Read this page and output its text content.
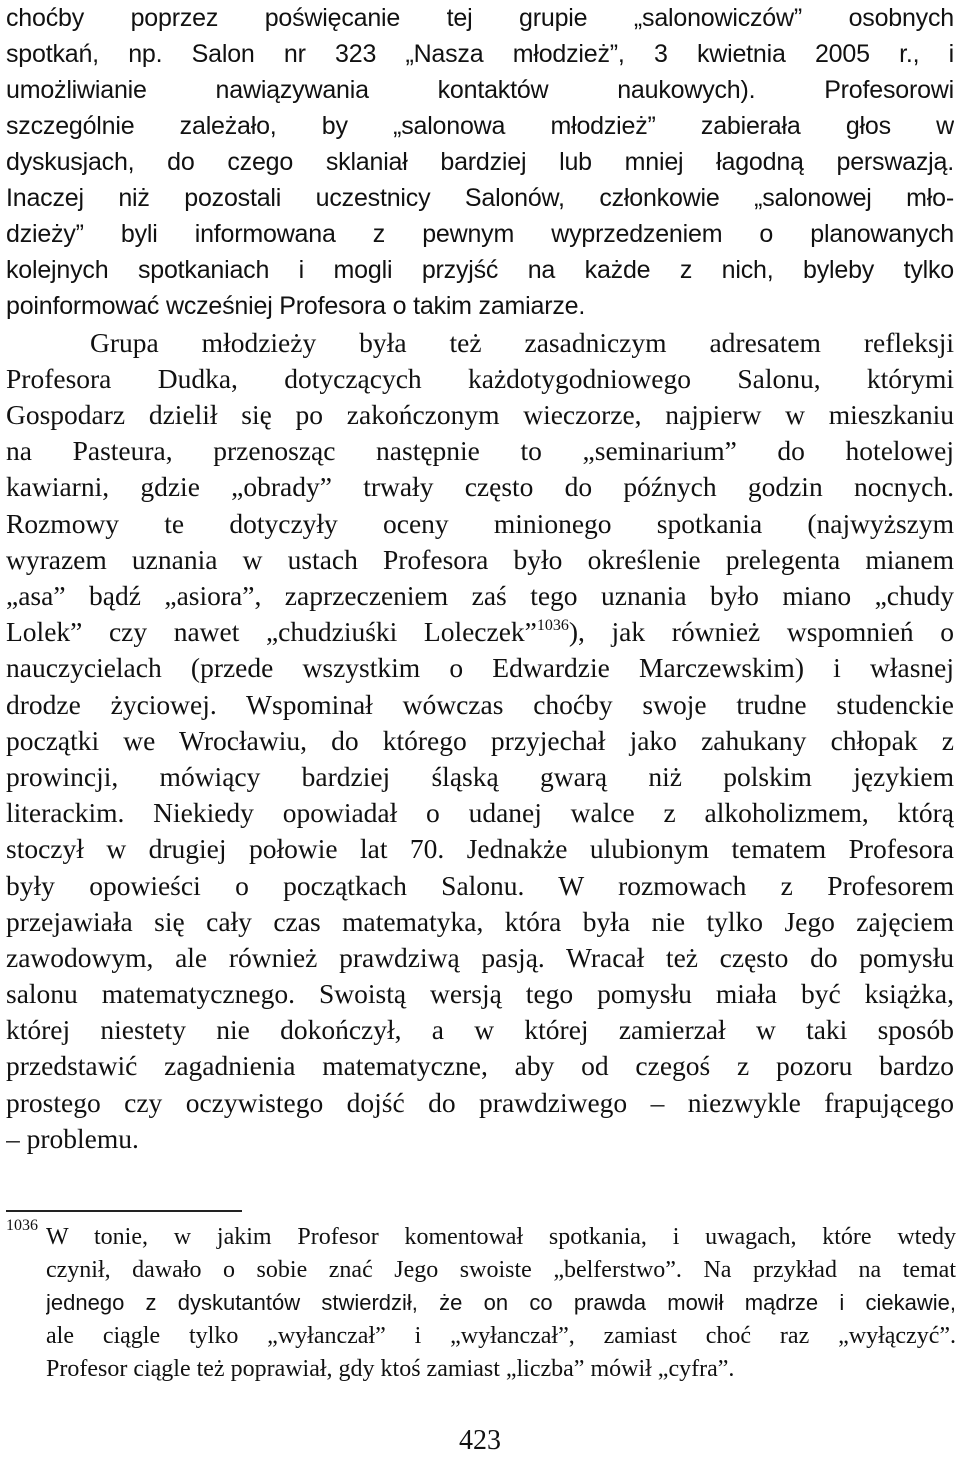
choćby poprzez poświęcanie tej grupie „salonowiczów” osobnych
spotkań, np. Salon nr 323 „Nasza młodzież”, 3 kwietnia 2005 r., i
umożliwianie nawiązywania kontaktów naukowych). Profesorowi
szczególnie zależało, by „salonowa młodzież” zabierała głos w
dyskusjach, do czego sklaniał bardziej lub mniej łagodną perswazją.
Inaczej niż pozostali uczestnicy Salonów, członkowie „salonowej mło-
dzieży” byli informowana z pewnym wyprzedzeniem o planowanych
kolejnych spotkaniach i mogli przyjść na każde z nich, byleby tylko
poinformować wcześniej Profesora o takim zamiarze.
Grupa młodzieży była też zasadniczym adresatem refleksji
Profesora Dudka, dotyczących każdotygodniowego Salonu, którymi
Gospodarz dzielił się po zakończonym wieczorze, najpierw w mieszkaniu
na Pasteura, przenosząc następnie to „seminarium” do hotelowej
kawiarni, gdzie „obrady” trwały często do późnych godzin nocnych.
Rozmowy te dotyczyły oceny minionego spotkania (najwyższym
wyrazem uznania w ustach Profesora było określenie prelegenta mianem
„asa” bądź „asiora”, zaprzeczeniem zaś tego uznania było miano „chudy
Lolek” czy nawet „chudziuśki Loleczek”$^{1036}$), jak również wspomnień o
nauczycielach (przede wszystkim o Edwardzie Marczewskim) i własnej
drodze życiowej. Wspominał wówczas choćby swoje trudne studenckie
początki we Wrocławiu, do którego przyjechał jako zahukany chłopak z
prowincji, mówiący bardziej śląską gwarą niż polskim językiem
literackim. Niekiedy opowiadał o udanej walce z alkoholizmem, którą
stoczył w drugiej połowie lat 70. Jednakże ulubionym tematem Profesora
były opowieści o początkach Salonu. W rozmowach z Profesorem
przejawiała się cały czas matematyka, która była nie tylko Jego zajęciem
zawodowym, ale również prawdziwą pasją. Wracał też często do pomysłu
salonu matematycznego. Swoistą wersją tego pomysłu miała być książka,
której niestety nie dokończył, a w której zamierzał w taki sposób
przedstawić zagadnienia matematyczne, aby od czegoś z pozoru bardzo
prostego czy oczywistego dojść do prawdziwego – niezwykle frapującego
– problemu.
1036 W tonie, w jakim Profesor komentował spotkania, i uwagach, które wtedy
czynił, dawało o sobie znać Jego swoiste „belferstwo”. Na przykład na temat
jednego z dyskutantów stwierdził, że on co prawda mowił mądrze i ciekawie,
ale ciągle tylko „wyłanczał” i „wyłanczał”, zamiast choć raz „wyłączyć”.
Profesor ciągle też poprawiał, gdy ktoś zamiast „liczba” mówił „cyfra”.
423
